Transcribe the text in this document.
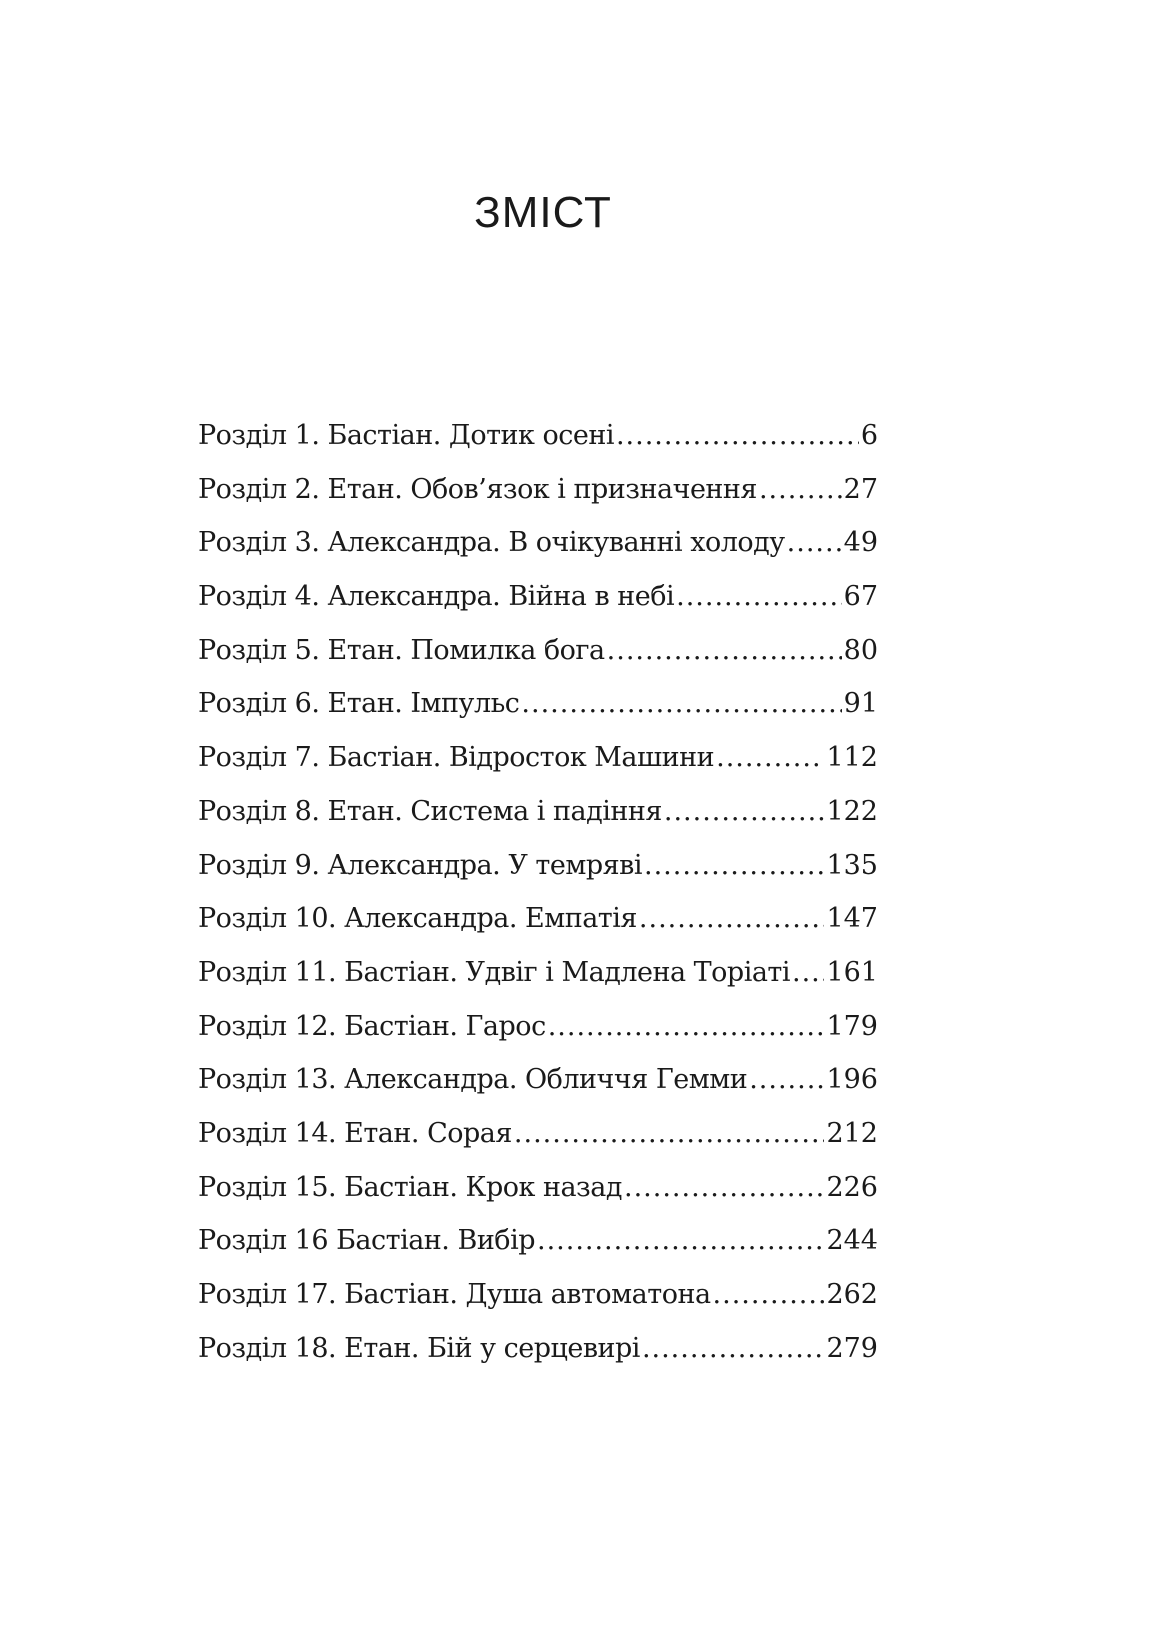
ЗМІСТ
Розділ 1. Бастіан. Дотик осені .....	6
Розділ 2. Етан. Обов’язок і призначення .....	27
Розділ 3. Александра. В очікуванні холоду ..... 49
Розділ 4. Александра. Війна в небі .....	67
Розділ 5. Етан. Помилка бога .....	80
Розділ 6. Етан. Імпульс .....	91
Розділ 7. Бастіан. Відросток Машини .....	112
Розділ 8. Етан. Система і падіння .....	122
Розділ 9. Александра. У темряві .....	135
Розділ 10. Александра. Емпатія .....	147
Розділ 11. Бастіан. Удвіг і Мадлена Торіаті ..... 161
Розділ 12. Бастіан. Гарос .....	179
Розділ 13. Александра. Обличчя Гемми .....	196
Розділ 14. Етан. Сорая .....	212
Розділ 15. Бастіан. Крок назад .....	226
Розділ 16 Бастіан. Вибір .....	244
Розділ 17. Бастіан. Душа автоматона .....	262
Розділ 18. Етан. Бій у серцевирі .....	279
